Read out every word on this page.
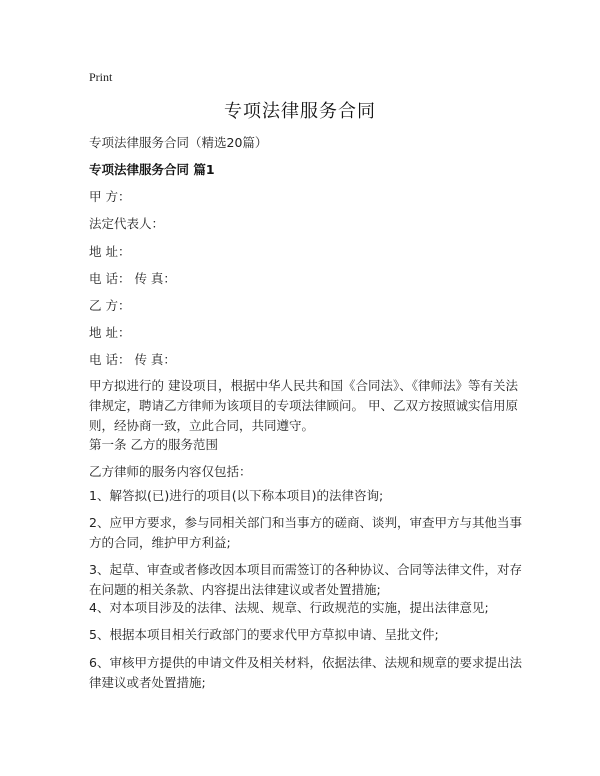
Print
专项法律服务合同
专项法律服务合同（精选20篇）
专项法律服务合同 篇1
甲 方：
法定代表人：
地 址：
电 话： 传 真：
乙 方：
地 址：
电 话： 传 真：
甲方拟进行的 建设项目，根据中华人民共和国《合同法》、《律师法》等有关法律规定，聘请乙方律师为该项目的专项法律顾问。 甲、乙双方按照诚实信用原则，经协商一致，立此合同，共同遵守。
第一条 乙方的服务范围
乙方律师的服务内容仅包括：
1、解答拟(已)进行的项目(以下称本项目)的法律咨询;
2、应甲方要求，参与同相关部门和当事方的磋商、谈判，审查甲方与其他当事方的合同，维护甲方利益;
3、起草、审查或者修改因本项目而需签订的各种协议、合同等法律文件，对存在问题的相关条款、内容提出法律建议或者处置措施;
4、对本项目涉及的法律、法规、规章、行政规范的实施，提出法律意见;
5、根据本项目相关行政部门的要求代甲方草拟申请、呈批文件;
6、审核甲方提供的申请文件及相关材料，依据法律、法规和规章的要求提出法律建议或者处置措施;
